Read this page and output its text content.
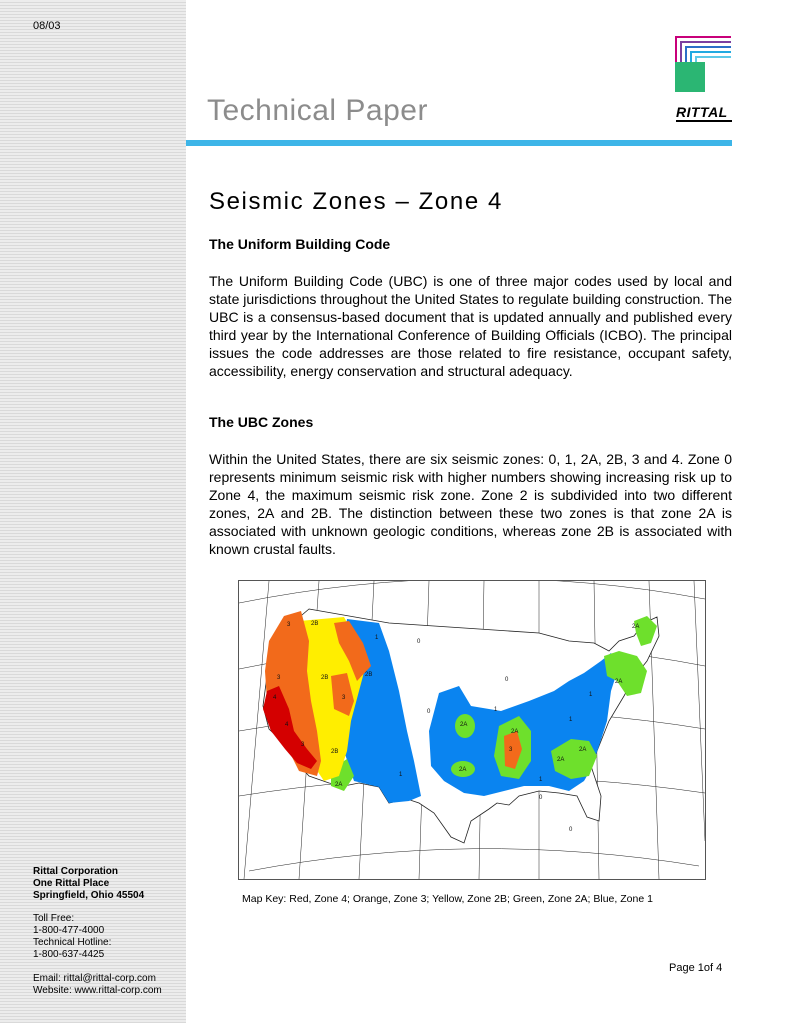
08/03
Technical Paper	RITTAL
Seismic Zones – Zone 4
The Uniform Building Code
The Uniform Building Code (UBC) is one of three major codes used by local and state jurisdictions throughout the United States to regulate building construction. The UBC is a consensus-based document that is updated annually and published every third year by the International Conference of Building Officials (ICBO). The principal issues the code addresses are those related to fire resistance, occupant safety, accessibility, energy conservation and structural adequacy.
The UBC Zones
Within the United States, there are six seismic zones: 0, 1, 2A, 2B, 3 and 4. Zone 0 represents minimum seismic risk with higher numbers showing increasing risk up to Zone 4, the maximum seismic risk zone. Zone 2 is subdivided into two different zones, 2A and 2B. The distinction between these two zones is that zone 2A is associated with unknown geologic conditions, whereas zone 2B is associated with known crustal faults.
3	2B
4
3	2B
3
1
0
2B
4
3
2B
2A
1
0
0
2A
2A
2A
3
2A
1
1
0
2A
2A
1
1
0
2A
Map Key: Red, Zone 4; Orange, Zone 3; Yellow, Zone 2B; Green, Zone 2A; Blue, Zone 1
Rittal Corporation
One Rittal Place
Springfield, Ohio 45504
Toll Free:
1-800-477-4000
Technical Hotline:
1-800-637-4425
Email: rittal@rittal-corp.com
Website: www.rittal-corp.com
Page 1of 4
